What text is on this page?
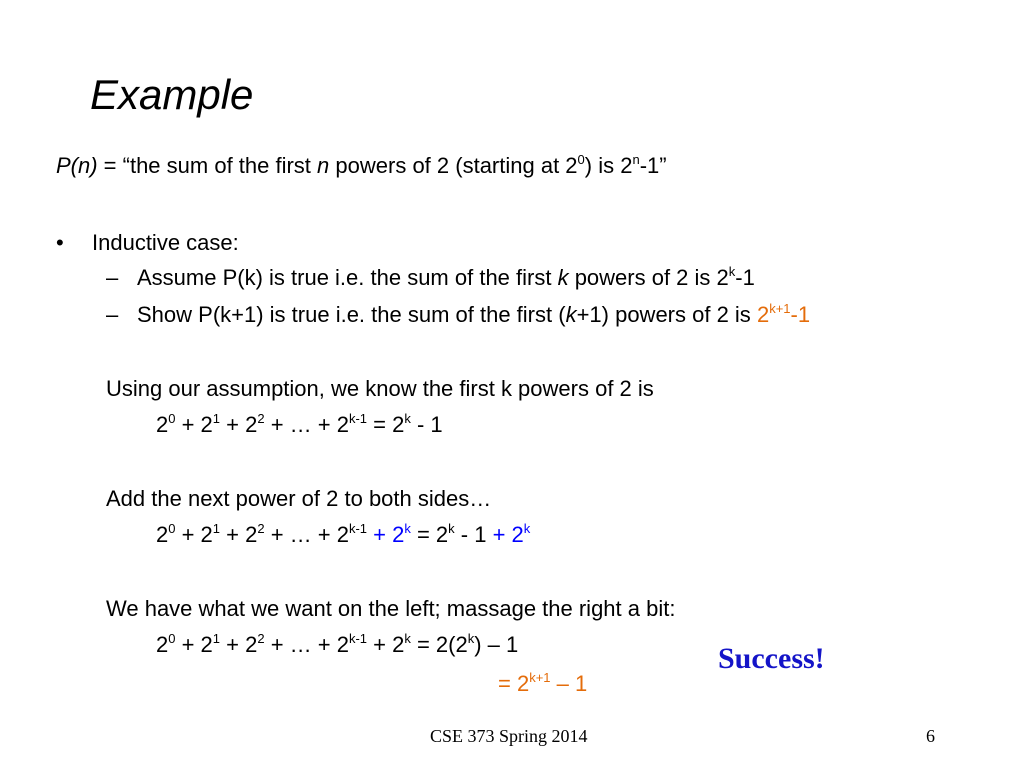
Example
P(n) = “the sum of the first n powers of 2 (starting at $2^0$) is 2$^n$-1”
• Inductive case:
– Assume P(k) is true i.e. the sum of the first k powers of 2 is 2$^k$-1
– Show P(k+1) is true i.e. the sum of the first (k+1) powers of 2 is $2^{k+1}-1$
Using our assumption, we know the first k powers of 2 is
$2^0 + 2^1 + 2^2$ + … + $2^{k-1} = 2^k - 1$
Add the next power of 2 to both sides…
$2^0 + 2^1 + 2^2$ + … + $2^{k-1} + 2^k = 2^k - 1 + 2^k$
We have what we want on the left; massage the right a bit:
$2^0 + 2^1 + 2^2$ + … + $2^{k-1} + 2^k = 2(2^k) - 1$
= $2^{k+1} - 1$
Success!
CSE 373 Spring 2014	6
